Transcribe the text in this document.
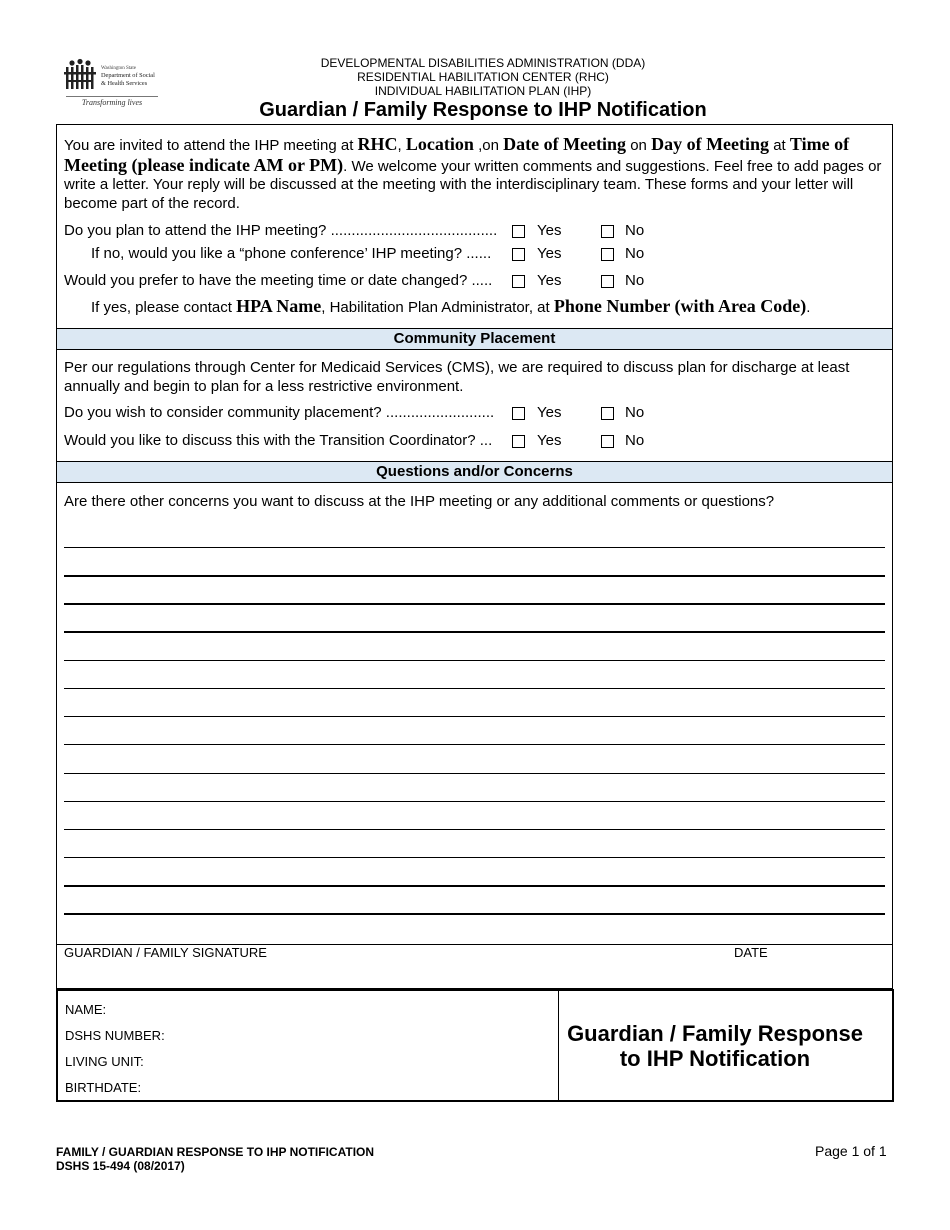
Washington State
Department of Social
& Health Services
Transforming lives
DEVELOPMENTAL DISABILITIES ADMINISTRATION (DDA)
RESIDENTIAL HABILITATION CENTER (RHC)
INDIVIDUAL HABILITATION PLAN (IHP)
Guardian / Family Response to IHP Notification
You are invited to attend the IHP meeting at RHC, Location ,on Date of Meeting on Day of Meeting at Time of Meeting (please indicate AM or PM). We welcome your written comments and suggestions. Feel free to add pages or write a letter. Your reply will be discussed at the meeting with the interdisciplinary team. These forms and your letter will become part of the record.
Do you plan to attend the IHP meeting? ........................................	Yes	No
If no, would you like a “phone conference’ IHP meeting? ......	Yes	No
Would you prefer to have the meeting time or date changed? .....	Yes	No
If yes, please contact HPA Name, Habilitation Plan Administrator, at Phone Number (with Area Code).
Community Placement
Per our regulations through Center for Medicaid Services (CMS), we are required to discuss plan for discharge at least annually and begin to plan for a less restrictive environment.
Do you wish to consider community placement? ..........................	Yes	No
Would you like to discuss this with the Transition Coordinator? ...	Yes	No
Questions and/or Concerns
Are there other concerns you want to discuss at the IHP meeting or any additional comments or questions?
GUARDIAN / FAMILY SIGNATURE	DATE
NAME:
DSHS NUMBER:
LIVING UNIT:
BIRTHDATE:
Guardian / Family Response
to IHP Notification
FAMILY / GUARDIAN RESPONSE TO IHP NOTIFICATION
DSHS 15-494 (08/2017)
Page 1 of 1
